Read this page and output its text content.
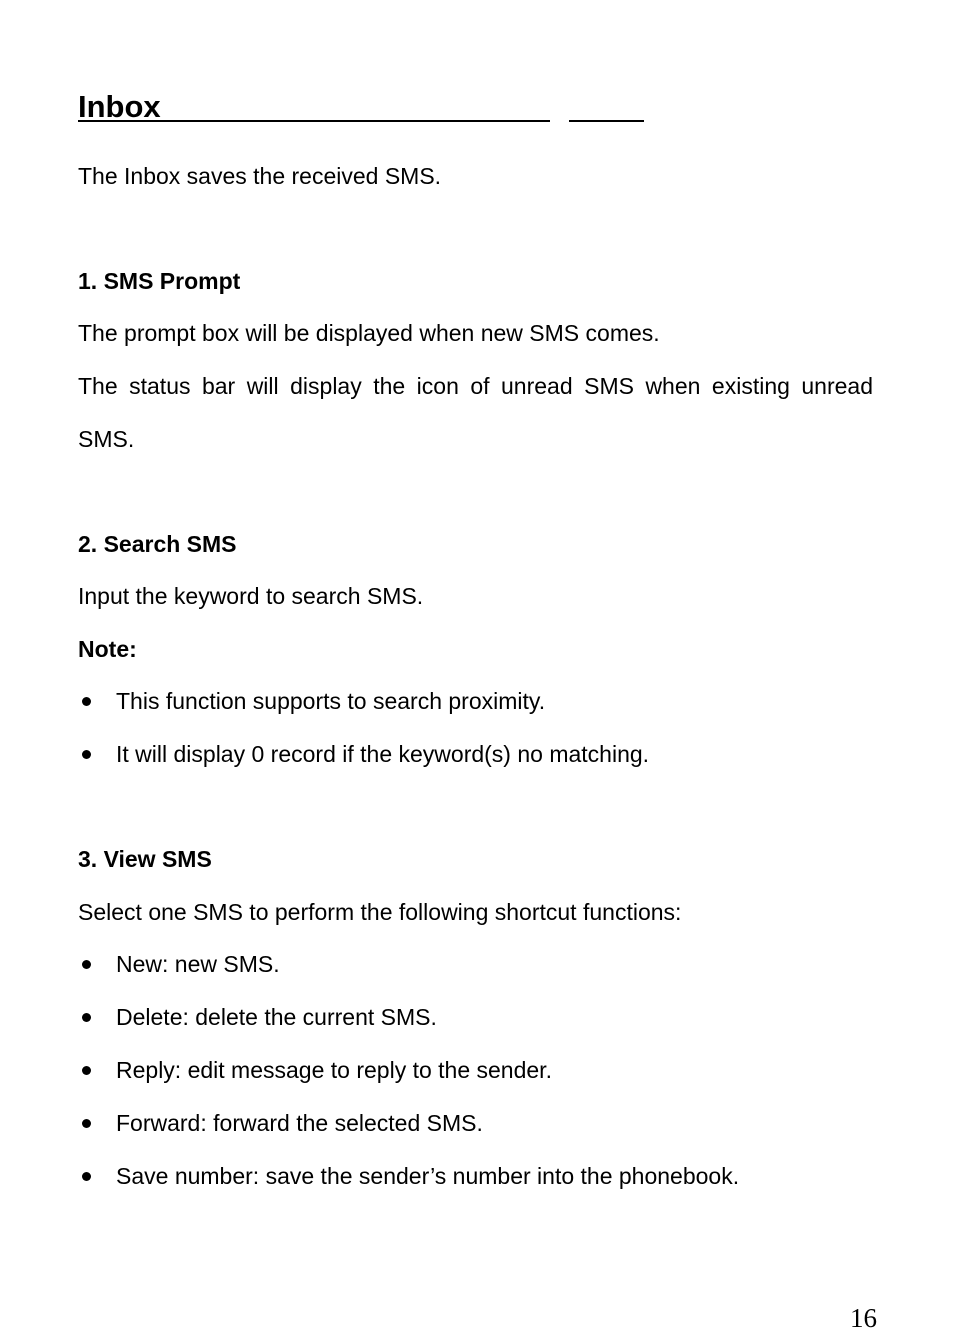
Inbox

The Inbox saves the received SMS.

1. SMS Prompt

The prompt box will be displayed when new SMS comes.

The status bar will display the icon of unread SMS when existing unread SMS.

2. Search SMS

Input the keyword to search SMS.

Note:

This function supports to search proximity.
It will display 0 record if the keyword(s) no matching.

3. View SMS

Select one SMS to perform the following shortcut functions:

New: new SMS.
Delete: delete the current SMS.
Reply: edit message to reply to the sender.
Forward: forward the selected SMS.
Save number: save the sender’s number into the phonebook.
16
